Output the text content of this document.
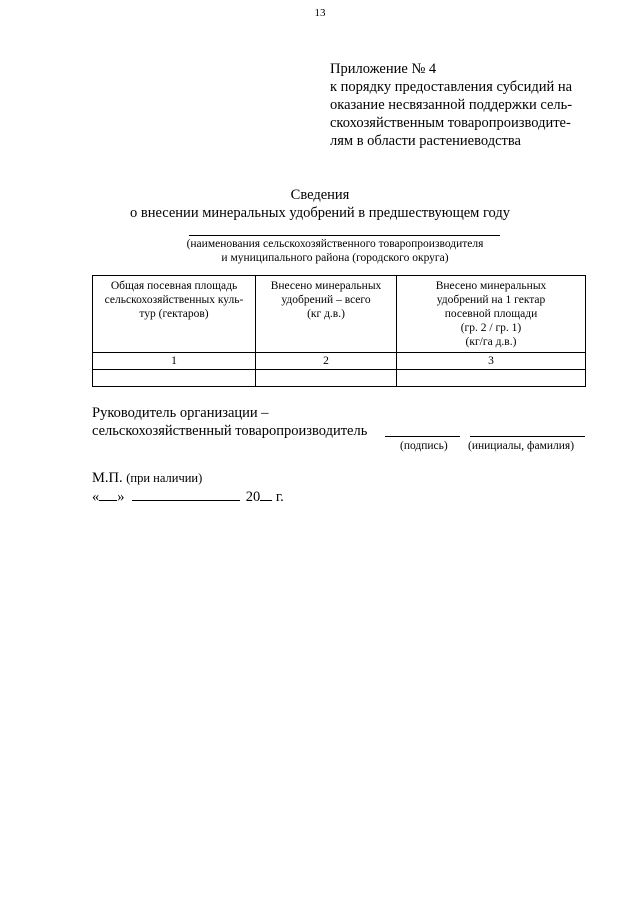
13
Приложение № 4
к порядку предоставления субсидий на
оказание несвязанной поддержки сель-
скохозяйственным товаропроизводите-
лям в области растениеводства
Сведения
о внесении минеральных удобрений в предшествующем году
(наименования сельскохозяйственного товаропроизводителя
и муниципального района (городского округа)
Общая посевная площадь
сельскохозяйственных куль-
тур (гектаров)	Внесено минеральных
удобрений – всего
(кг д.в.)	Внесено минеральных
удобрений на 1 гектар
посевной площади
(гр. 2 / гр. 1)
(кг/га д.в.)

1	2	3

Руководитель организации –
сельскохозяйственный товаропроизводитель
(подпись) (инициалы, фамилия)
М.П. (при наличии)
« »	20 г.
